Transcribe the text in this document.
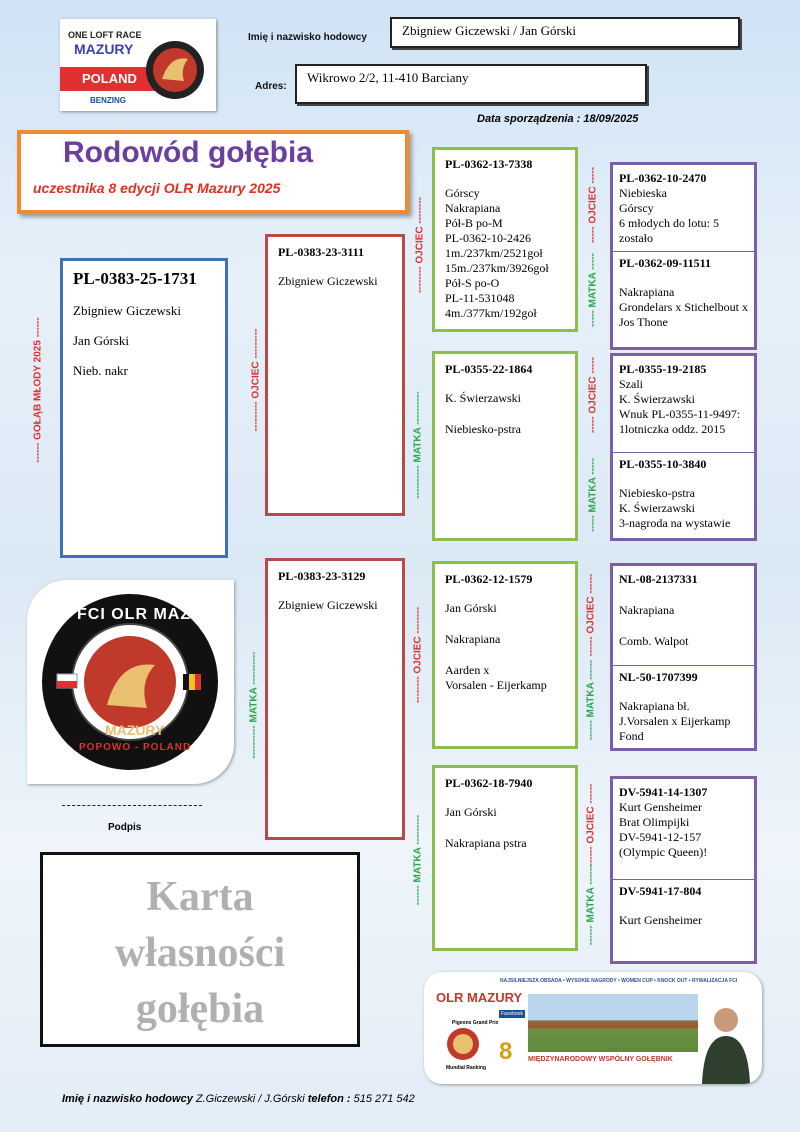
ONE LOFT RACE
MAZURY
POLAND
BENZING
Imię i nazwisko hodowcy	Zbigniew Giczewski / Jan Górski
Adres:
Wikrowo 2/2, 11-410 Barciany
Data sporządzenia : 18/09/2025
Rodowód gołębia
uczestnika 8 edycji OLR Mazury 2025
------ GOŁĄB MŁODY 2025 ------
PL-0383-25-1731
Zbigniew Giczewski
Jan Górski
Nieb. nakr
--------- OJCIEC ---------
PL-0383-23-3111
Zbigniew Giczewski
---------- MATKA ----------
PL-0383-23-3129
Zbigniew Giczewski
-------- OJCIEC --------
PL-0362-13-7338
Górscy
Nakrapiana
Pół-B po-M
PL-0362-10-2426
1m./237km/2521goł
15m./237km/3926goł
Pół-S po-O
PL-11-531048
4m./377km/192goł
---------- MATKA ----------
PL-0355-22-1864
K. Świerzawski
Niebiesko-pstra
-------- OJCIEC --------
PL-0362-12-1579
Jan Górski
Nakrapiana
Aarden x
Vorsalen - Eijerkamp
------ MATKA ---------
PL-0362-18-7940
Jan Górski
Nakrapiana pstra
----- OJCIEC -----
----- MATKA -----
PL-0362-10-2470
Niebieska
Górscy
6 młodych do lotu: 5 zostało
PL-0362-09-11511
Nakrapiana
Grondelars x Stichelbout x Jos Thone
----- OJCIEC -----
----- MATKA -----
PL-0355-19-2185
Szali
K. Świerzawski
Wnuk PL-0355-11-9497: 1lotniczka oddz. 2015
PL-0355-10-3840
Niebiesko-pstra
K. Świerzawski
3-nagroda na wystawie
------ OJCIEC ------
------ MATKA ------
NL-08-2137331
Nakrapiana
Comb. Walpot
NL-50-1707399
Nakrapiana bł.
J.Vorsalen x Eijerkamp Fond
------ OJCIEC ------
------ MATKA ------
DV-5941-14-1307
Kurt Gensheimer
Brat Olimpijki
DV-5941-12-157
(Olympic Queen)!
DV-5941-17-804
Kurt Gensheimer
FCI OLR MAZURY
MAZURY
POPOWO - POLAND
Podpis
Karta
własności
gołębia
NAJSILNIEJSZA OBSADA • WYSOKIE NAGRODY • WOMEN CUP • KNOCK OUT • RYWALIZACJA FCI
OLR MAZURY
Pigeons Grand Prix
Facebook
Mundial Ranking
8 MIĘDZYNARODOWY WSPÓLNY GOŁĘBNIK
Imię i nazwisko hodowcy Z.Giczewski / J.Górski telefon : 515 271 542
